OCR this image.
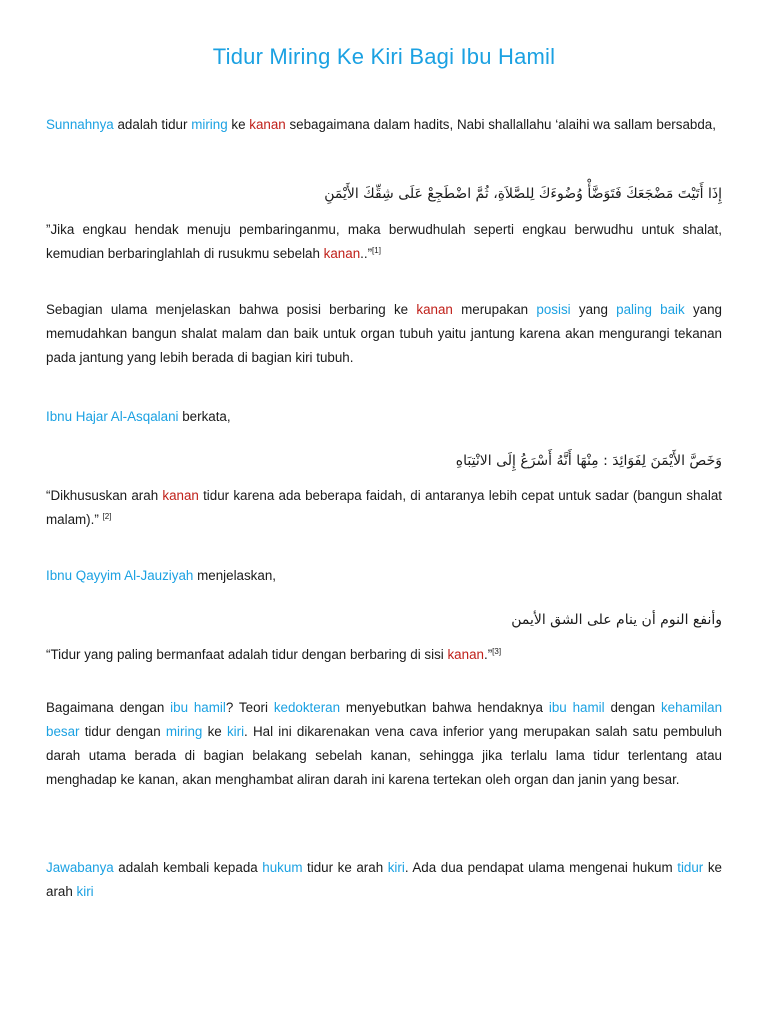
Tidur Miring Ke Kiri Bagi Ibu Hamil

Sunnahnya adalah tidur miring ke kanan sebagaimana dalam hadits, Nabi shallallahu ‘alaihi wa sallam bersabda,

إِذَا أَتَيْتَ مَضْجَعَكَ فَتَوَضَّأْ وُضُوءَكَ لِلصَّلاَةِ، ثُمَّ اضْطَجِعْ عَلَى شِقِّكَ الأَيْمَنِ

”Jika engkau hendak menuju pembaringanmu, maka berwudhulah seperti engkau berwudhu untuk shalat, kemudian berbaringlahlah di rusukmu sebelah kanan..”[1]

Sebagian ulama menjelaskan bahwa posisi berbaring ke kanan merupakan posisi yang paling baik yang memudahkan bangun shalat malam dan baik untuk organ tubuh yaitu jantung karena akan mengurangi tekanan pada jantung yang lebih berada di bagian kiri tubuh.

Ibnu Hajar Al-Asqalani berkata,

وَخَصَّ الأَيْمَنَ لِفَوَائِدَ : مِنْهَا أَنَّهُ أَسْرَعُ إِلَى الانْتِبَاهِ

“Dikhususkan arah kanan tidur karena ada beberapa faidah, di antaranya lebih cepat untuk sadar (bangun shalat malam).” [2]

Ibnu Qayyim Al-Jauziyah menjelaskan,

وأنفع النوم أن ينام على الشق الأيمن

“Tidur yang paling bermanfaat adalah tidur dengan berbaring di sisi kanan.”[3]

Bagaimana dengan ibu hamil? Teori kedokteran menyebutkan bahwa hendaknya ibu hamil dengan kehamilan besar tidur dengan miring ke kiri. Hal ini dikarenakan vena cava inferior yang merupakan salah satu pembuluh darah utama berada di bagian belakang sebelah kanan, sehingga jika terlalu lama tidur terlentang atau menghadap ke kanan, akan menghambat aliran darah ini karena tertekan oleh organ dan janin yang besar.

Jawabanya adalah kembali kepada hukum tidur ke arah kiri. Ada dua pendapat ulama mengenai hukum tidur ke arah kiri
